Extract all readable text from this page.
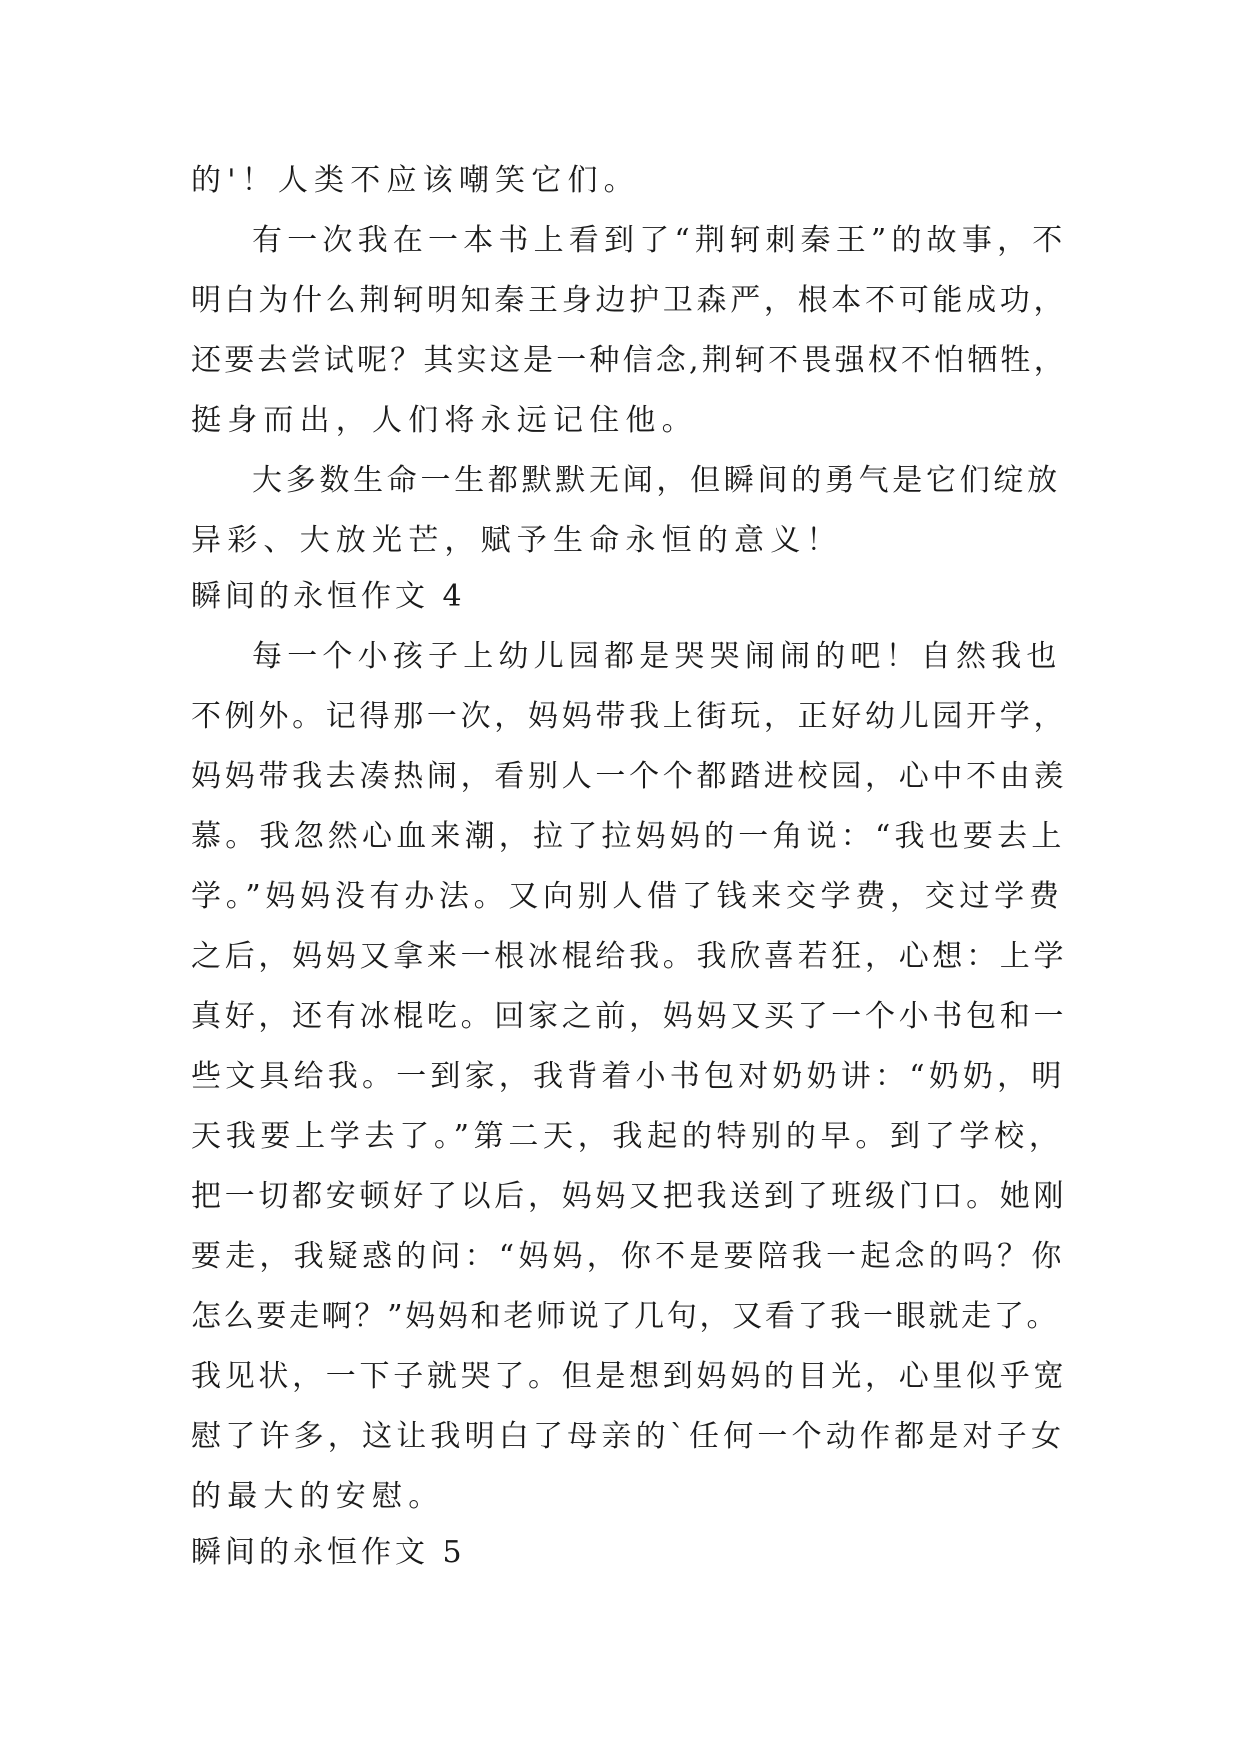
的'！人类不应该嘲笑它们。
有一次我在一本书上看到了“荆轲刺秦王”的故事，不
明白为什么荆轲明知秦王身边护卫森严，根本不可能成功，
还要去尝试呢？其实这是一种信念,荆轲不畏强权不怕牺牲，
挺身而出，人们将永远记住他。
大多数生命一生都默默无闻，但瞬间的勇气是它们绽放
异彩、大放光芒，赋予生命永恒的意义！
瞬间的永恒作文 4
每一个小孩子上幼儿园都是哭哭闹闹的吧！自然我也
不例外。记得那一次，妈妈带我上街玩，正好幼儿园开学，
妈妈带我去凑热闹，看别人一个个都踏进校园，心中不由羡
慕。我忽然心血来潮，拉了拉妈妈的一角说：“我也要去上
学。”妈妈没有办法。又向别人借了钱来交学费，交过学费
之后，妈妈又拿来一根冰棍给我。我欣喜若狂，心想：上学
真好，还有冰棍吃。回家之前，妈妈又买了一个小书包和一
些文具给我。一到家，我背着小书包对奶奶讲：“奶奶，明
天我要上学去了。”第二天，我起的特别的早。到了学校，
把一切都安顿好了以后，妈妈又把我送到了班级门口。她刚
要走，我疑惑的问：“妈妈，你不是要陪我一起念的吗？你
怎么要走啊？”妈妈和老师说了几句，又看了我一眼就走了。
我见状，一下子就哭了。但是想到妈妈的目光，心里似乎宽
慰了许多，这让我明白了母亲的`任何一个动作都是对子女
的最大的安慰。
瞬间的永恒作文 5
